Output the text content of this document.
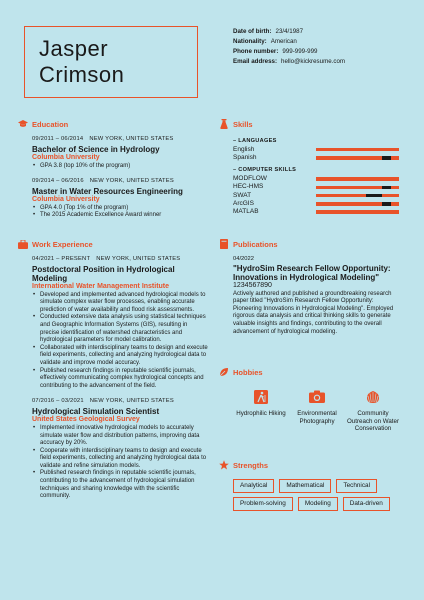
Jasper
Crimson
Date of birth: 23/4/1987
Nationality: American
Phone number: 999-999-999
Email address: hello@kickresume.com
Education
09/2011 – 06/2014 NEW YORK, UNITED STATES
Bachelor of Science in Hydrology
Columbia University
• GPA 3.8 (top 10% of the program)
09/2014 – 06/2016 NEW YORK, UNITED STATES
Master in Water Resources Engineering
Columbia University
• GPA 4.0 (Top 1% of the program)
• The 2015 Academic Excellence Award winner
Work Experience
04/2021 – PRESENT NEW YORK, UNITED STATES
Postdoctoral Position in Hydrological Modeling
International Water Management Institute
• Developed and implemented advanced hydrological models to simulate complex water flow processes, enabling accurate prediction of water availability and flood risk assessments.
• Conducted extensive data analysis using statistical techniques and Geographic Information Systems (GIS), resulting in precise identification of watershed characteristics and hydrological parameters for model calibration.
• Collaborated with interdisciplinary teams to design and execute field experiments, collecting and analyzing hydrological data to validate and improve model accuracy.
• Published research findings in reputable scientific journals, effectively communicating complex hydrological concepts and contributing to the advancement of the field.
07/2016 – 03/2021 NEW YORK, UNITED STATES
Hydrological Simulation Scientist
United States Geological Survey
• Implemented innovative hydrological models to accurately simulate water flow and distribution patterns, improving data accuracy by 20%.
• Cooperate with interdisciplinary teams to design and execute field experiments, collecting and analyzing hydrological data to validate and refine simulation models.
• Published research findings in reputable scientific journals, contributing to the advancement of hydrological simulation techniques and sharing knowledge with the scientific community.
Skills
– LANGUAGES
English
Spanish
– COMPUTER SKILLS
MODFLOW
HEC-HMS
SWAT
ArcGIS
MATLAB
Publications
04/2022
"HydroSim Research Fellow Opportunity: Innovations in Hydrological Modeling"
1234567890
Actively authored and published a groundbreaking research paper titled "HydroSim Research Fellow Opportunity: Pioneering Innovations in Hydrological Modeling". Employed rigorous data analysis and critical thinking skills to generate valuable insights and findings, contributing to the overall advancement of hydrological modeling.
Hobbies
Hydrophilic Hiking	Environmental Photography
Community Outreach on Water Conservation
Strengths
Analytical	Mathematical	Technical
Problem-solving	Modeling	Data-driven
